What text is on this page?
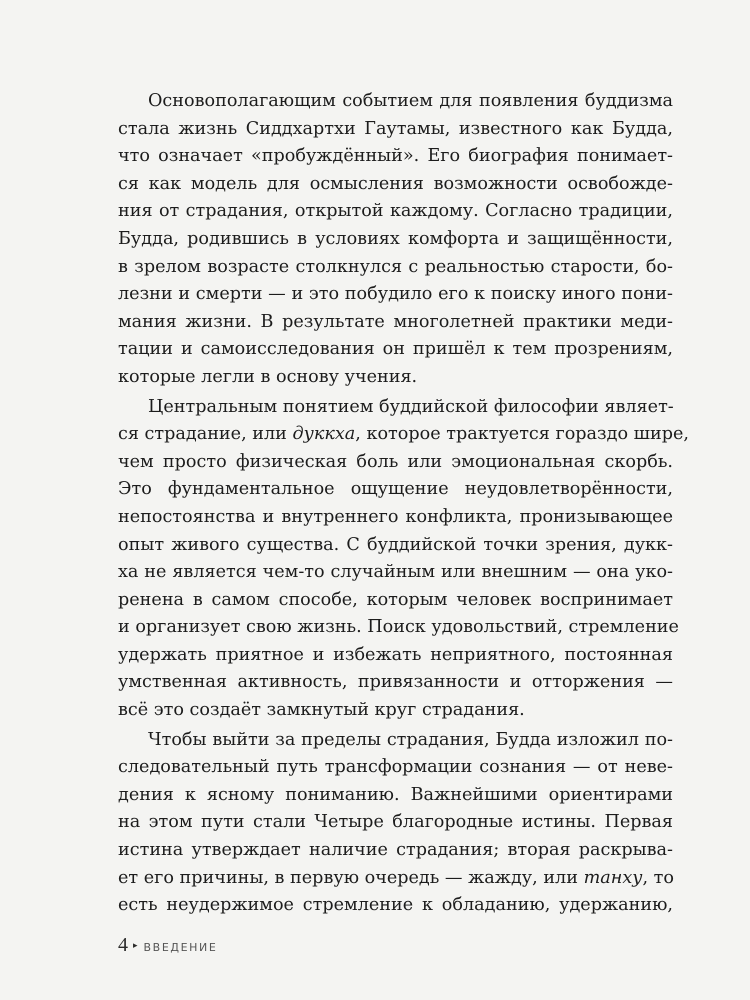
Основополагающим событием для появления буддизма
стала жизнь Сиддхартхи Гаутамы, известного как Будда,
что означает «пробуждённый». Его биография понимает-
ся как модель для осмысления возможности освобожде-
ния от страдания, открытой каждому. Согласно традиции,
Будда, родившись в условиях комфорта и защищённости,
в зрелом возрасте столкнулся с реальностью старости, бо-
лезни и смерти — и это побудило его к поиску иного пони-
мания жизни. В результате многолетней практики меди-
тации и самоисследования он пришёл к тем прозрениям,
которые легли в основу учения.
Центральным понятием буддийской философии являет-
ся страдание, или дуккха, которое трактуется гораздо шире,
чем просто физическая боль или эмоциональная скорбь.
Это фундаментальное ощущение неудовлетворённости,
непостоянства и внутреннего конфликта, пронизывающее
опыт живого существа. С буддийской точки зрения, дукк-
ха не является чем-то случайным или внешним — она уко-
ренена в самом способе, которым человек воспринимает
и организует свою жизнь. Поиск удовольствий, стремление
удержать приятное и избежать неприятного, постоянная
умственная активность, привязанности и отторжения —
всё это создаёт замкнутый круг страдания.
Чтобы выйти за пределы страдания, Будда изложил по-
следовательный путь трансформации сознания — от неве-
дения к ясному пониманию. Важнейшими ориентирами
на этом пути стали Четыре благородные истины. Первая
истина утверждает наличие страдания; вторая раскрыва-
ет его причины, в первую очередь — жажду, или танху, то
есть неудержимое стремление к обладанию, удержанию,
4 ▸ ВВЕДЕНИЕ
